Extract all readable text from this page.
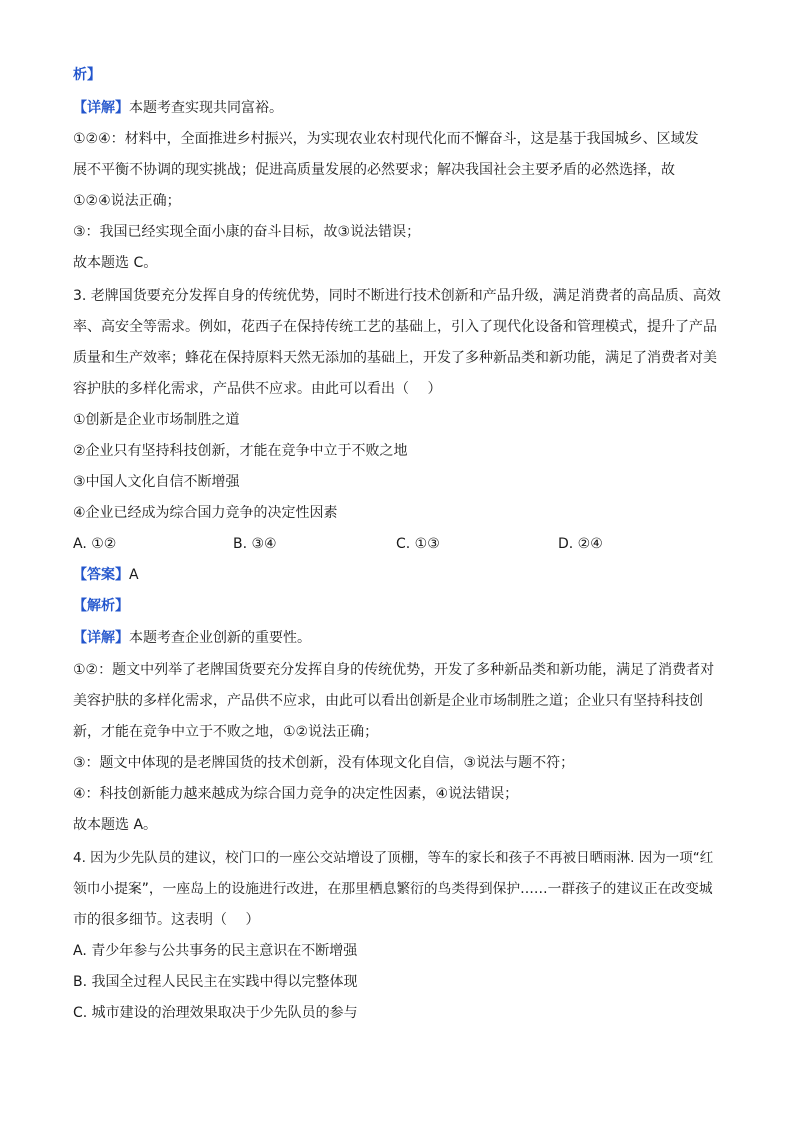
析】
【详解】本题考查实现共同富裕。
①②④：材料中，全面推进乡村振兴，为实现农业农村现代化而不懈奋斗，这是基于我国城乡、区域发
展不平衡不协调的现实挑战；促进高质量发展的必然要求；解决我国社会主要矛盾的必然选择，故
①②④说法正确；
③：我国已经实现全面小康的奋斗目标，故③说法错误；
故本题选 C。
3. 老牌国货要充分发挥自身的传统优势，同时不断进行技术创新和产品升级，满足消费者的高品质、高效
率、高安全等需求。例如，花西子在保持传统工艺的基础上，引入了现代化设备和管理模式，提升了产品
质量和生产效率；蜂花在保持原料天然无添加的基础上，开发了多种新品类和新功能，满足了消费者对美
容护肤的多样化需求，产品供不应求。由此可以看出（　 ）
①创新是企业市场制胜之道
②企业只有坚持科技创新，才能在竞争中立于不败之地
③中国人文化自信不断增强
④企业已经成为综合国力竞争的决定性因素
A. ①②	B. ③④	C. ①③	D. ②④
【答案】A
【解析】
【详解】本题考查企业创新的重要性。
①②：题文中列举了老牌国货要充分发挥自身的传统优势，开发了多种新品类和新功能，满足了消费者对
美容护肤的多样化需求，产品供不应求，由此可以看出创新是企业市场制胜之道；企业只有坚持科技创
新，才能在竞争中立于不败之地，①②说法正确；
③：题文中体现的是老牌国货的技术创新，没有体现文化自信，③说法与题不符；
④：科技创新能力越来越成为综合国力竞争的决定性因素，④说法错误；
故本题选 A。
4. 因为少先队员的建议，校门口的一座公交站增设了顶棚，等车的家长和孩子不再被日晒雨淋. 因为一项“红
领巾小提案”，一座岛上的设施进行改进，在那里栖息繁衍的鸟类得到保护……一群孩子的建议正在改变城
市的很多细节。这表明（　 ）
A. 青少年参与公共事务的民主意识在不断增强
B. 我国全过程人民民主在实践中得以完整体现
C. 城市建设的治理效果取决于少先队员的参与
